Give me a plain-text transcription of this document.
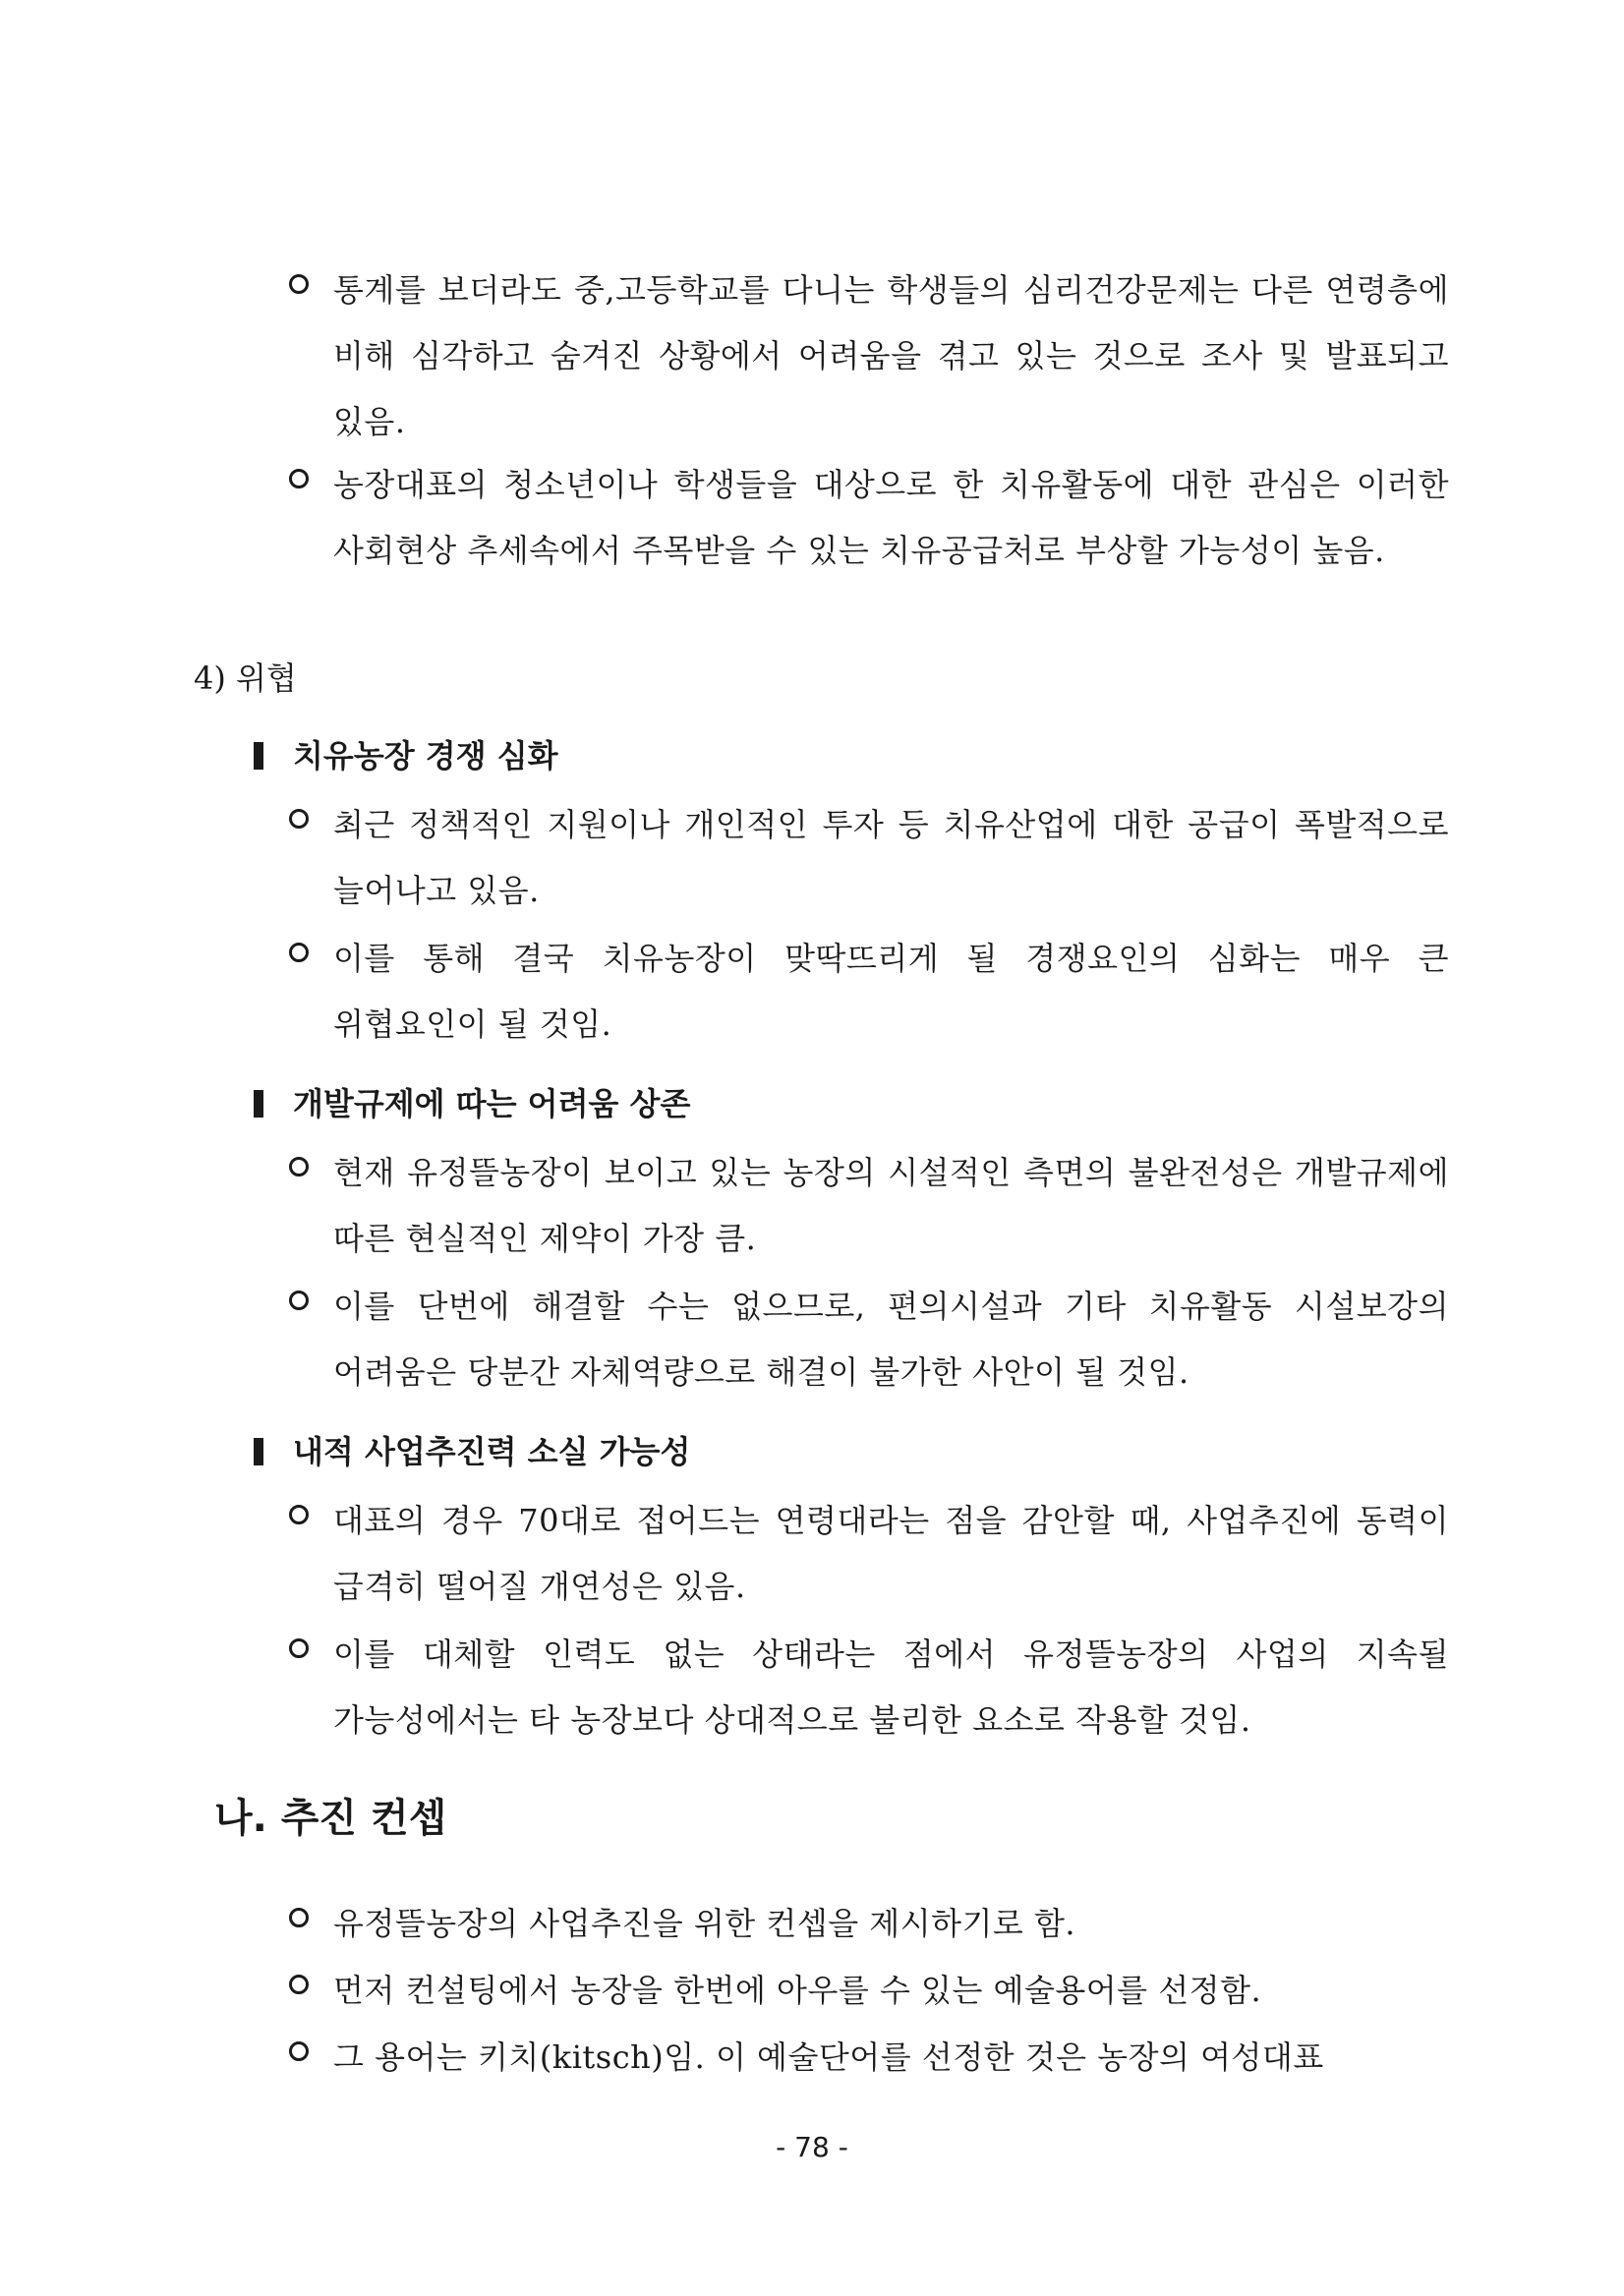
통계를 보더라도 중,고등학교를 다니는 학생들의 심리건강문제는 다른 연령층에 비해 심각하고 숨겨진 상황에서 어려움을 겪고 있는 것으로 조사 및 발표되고 있음.
농장대표의 청소년이나 학생들을 대상으로 한 치유활동에 대한 관심은 이러한 사회현상 추세속에서 주목받을 수 있는 치유공급처로 부상할 가능성이 높음.
4) 위협
치유농장 경쟁 심화
최근 정책적인 지원이나 개인적인 투자 등 치유산업에 대한 공급이 폭발적으로 늘어나고 있음.
이를 통해 결국 치유농장이 맞딱뜨리게 될 경쟁요인의 심화는 매우 큰 위협요인이 될 것임.
개발규제에 따는 어려움 상존
현재 유정뜰농장이 보이고 있는 농장의 시설적인 측면의 불완전성은 개발규제에 따른 현실적인 제약이 가장 큼.
이를 단번에 해결할 수는 없으므로, 편의시설과 기타 치유활동 시설보강의 어려움은 당분간 자체역량으로 해결이 불가한 사안이 될 것임.
내적 사업추진력 소실 가능성
대표의 경우 70대로 접어드는 연령대라는 점을 감안할 때, 사업추진에 동력이 급격히 떨어질 개연성은 있음.
이를 대체할 인력도 없는 상태라는 점에서 유정뜰농장의 사업의 지속될 가능성에서는 타 농장보다 상대적으로 불리한 요소로 작용할 것임.
나. 추진 컨셉
유정뜰농장의 사업추진을 위한 컨셉을 제시하기로 함.
먼저 컨설팅에서 농장을 한번에 아우를 수 있는 예술용어를 선정함.
그 용어는 키치(kitsch)임. 이 예술단어를 선정한 것은 농장의 여성대표
- 78 -
